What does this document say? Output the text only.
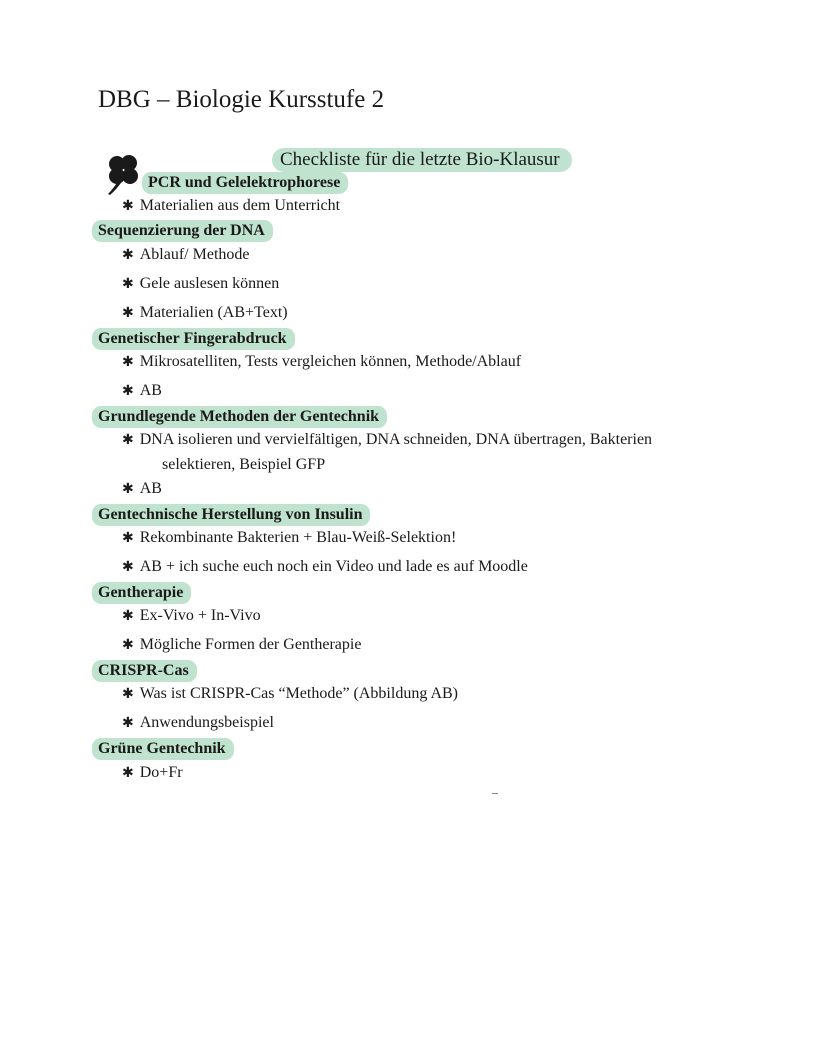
DBG – Biologie Kursstufe 2
Checkliste für die letzte Bio-Klausur
PCR und Gelelektrophorese
✱ Materialien aus dem Unterricht
Sequenzierung der DNA
✱ Ablauf/ Methode
✱ Gele auslesen können
✱ Materialien (AB+Text)
Genetischer Fingerabdruck
✱ Mikrosatelliten, Tests vergleichen können, Methode/Ablauf
✱ AB
Grundlegende Methoden der Gentechnik
✱ DNA isolieren und vervielfältigen, DNA schneiden, DNA übertragen, Bakterien
selektieren, Beispiel GFP
✱ AB
Gentechnische Herstellung von Insulin
✱ Rekombinante Bakterien + Blau-Weiß-Selektion!
✱ AB + ich suche euch noch ein Video und lade es auf Moodle
Gentherapie
✱ Ex-Vivo + In-Vivo
✱ Mögliche Formen der Gentherapie
CRISPR-Cas
✱ Was ist CRISPR-Cas “Methode” (Abbildung AB)
✱ Anwendungsbeispiel
Grüne Gentechnik
✱ Do+Fr
